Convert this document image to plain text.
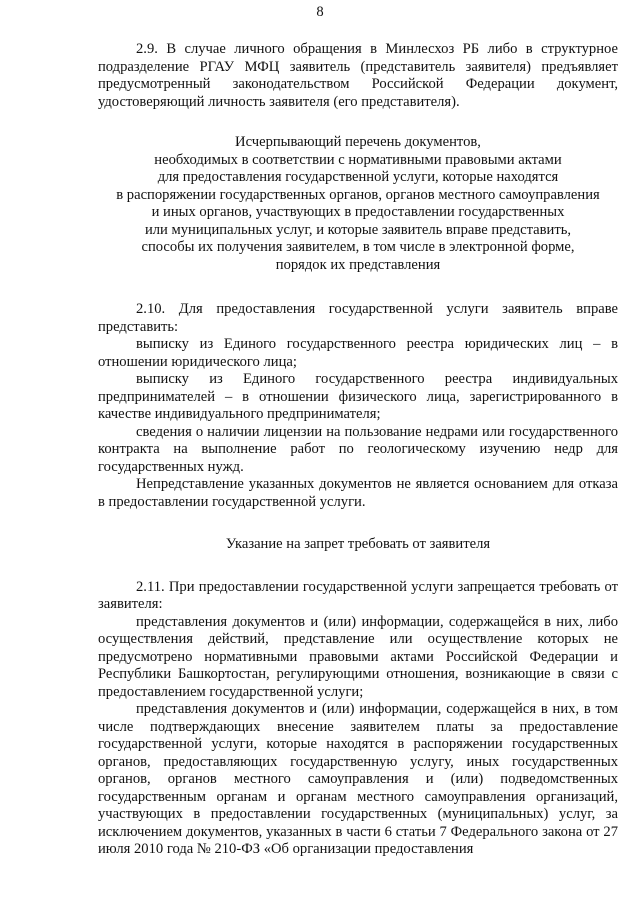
8

2.9. В случае личного обращения в Минлесхоз РБ либо в структурное подразделение РГАУ МФЦ заявитель (представитель заявителя) предъявляет предусмотренный законодательством Российской Федерации документ, удостоверяющий личность заявителя (его представителя).

Исчерпывающий перечень документов,
необходимых в соответствии с нормативными правовыми актами
для предоставления государственной услуги, которые находятся
в распоряжении государственных органов, органов местного самоуправления
и иных органов, участвующих в предоставлении государственных
или муниципальных услуг, и которые заявитель вправе представить,
способы их получения заявителем, в том числе в электронной форме,
порядок их представления

2.10. Для предоставления государственной услуги заявитель вправе представить:

выписку из Единого государственного реестра юридических лиц – в отношении юридического лица;

выписку из Единого государственного реестра индивидуальных предпринимателей – в отношении физического лица, зарегистрированного в качестве индивидуального предпринимателя;

сведения о наличии лицензии на пользование недрами или государственного контракта на выполнение работ по геологическому изучению недр для государственных нужд.

Непредставление указанных документов не является основанием для отказа в предоставлении государственной услуги.

Указание на запрет требовать от заявителя

2.11. При предоставлении государственной услуги запрещается требовать от заявителя:

представления документов и (или) информации, содержащейся в них, либо осуществления действий, представление или осуществление которых не предусмотрено нормативными правовыми актами Российской Федерации и Республики Башкортостан, регулирующими отношения, возникающие в связи с предоставлением государственной услуги;

представления документов и (или) информации, содержащейся в них, в том числе подтверждающих внесение заявителем платы за предоставление государственной услуги, которые находятся в распоряжении государственных органов, предоставляющих государственную услугу, иных государственных органов, органов местного самоуправления и (или) подведомственных государственным органам и органам местного самоуправления организаций, участвующих в предоставлении государственных (муниципальных) услуг, за исключением документов, указанных в части 6 статьи 7 Федерального закона от 27 июля 2010 года № 210-ФЗ «Об организации предоставления
